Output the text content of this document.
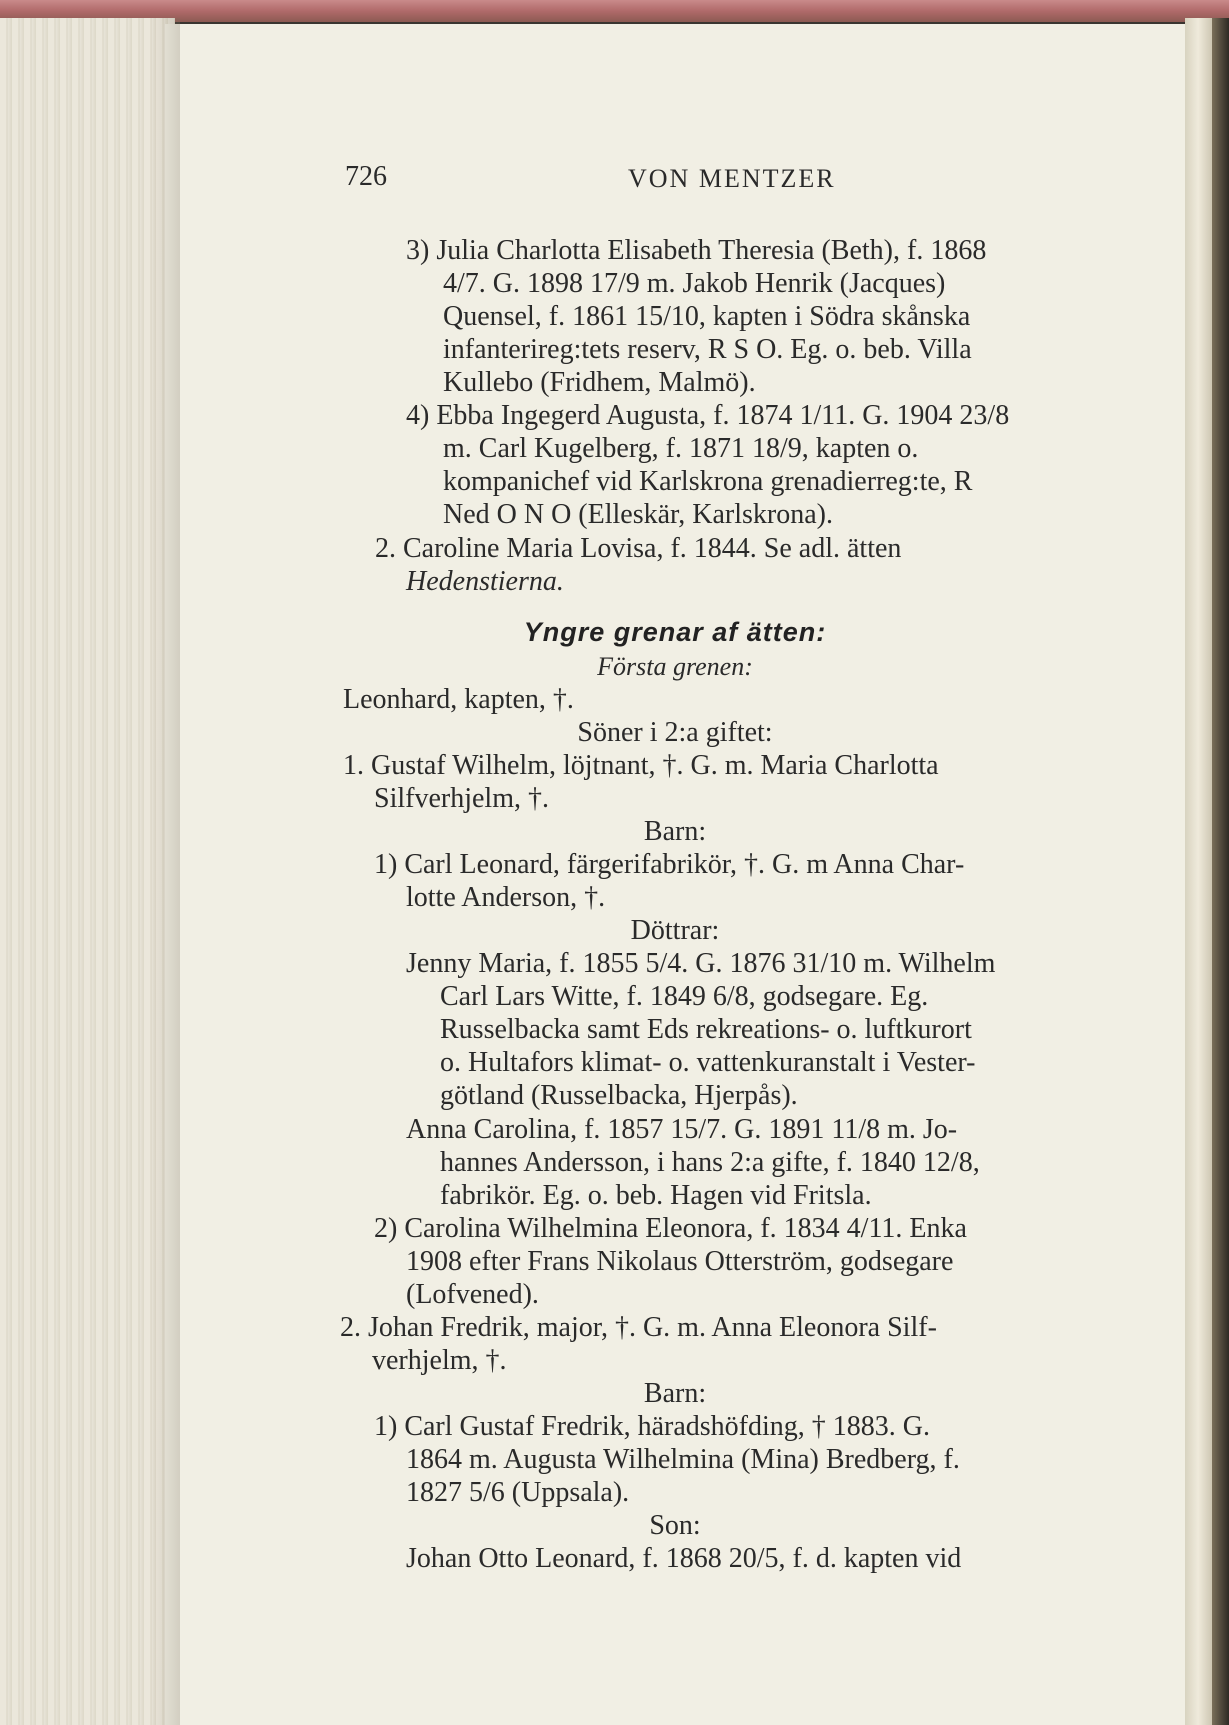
726	VON MENTZER
3) Julia Charlotta Elisabeth Theresia (Beth), f. 1868
4/7. G. 1898 17/9 m. Jakob Henrik (Jacques)
Quensel, f. 1861 15/10, kapten i Södra skånska
infanterireg:tets reserv, R S O. Eg. o. beb. Villa
Kullebo (Fridhem, Malmö).
4) Ebba Ingegerd Augusta, f. 1874 1/11. G. 1904 23/8
m. Carl Kugelberg, f. 1871 18/9, kapten o.
kompanichef vid Karlskrona grenadierreg:te, R
Ned O N O (Elleskär, Karlskrona).
2. Caroline Maria Lovisa, f. 1844. Se adl. ätten
Hedenstierna.
Yngre grenar af ätten:
Första grenen:
Leonhard, kapten, †.
Söner i 2:a giftet:
1. Gustaf Wilhelm, löjtnant, †. G. m. Maria Charlotta
Silfverhjelm, †.
Barn:
1) Carl Leonard, färgerifabrikör, †. G. m Anna Char-
lotte Anderson, †.
Döttrar:
Jenny Maria, f. 1855 5/4. G. 1876 31/10 m. Wilhelm
Carl Lars Witte, f. 1849 6/8, godsegare. Eg.
Russelbacka samt Eds rekreations- o. luftkurort
o. Hultafors klimat- o. vattenkuranstalt i Vester-
götland (Russelbacka, Hjerpås).
Anna Carolina, f. 1857 15/7. G. 1891 11/8 m. Jo-
hannes Andersson, i hans 2:a gifte, f. 1840 12/8,
fabrikör. Eg. o. beb. Hagen vid Fritsla.
2) Carolina Wilhelmina Eleonora, f. 1834 4/11. Enka
1908 efter Frans Nikolaus Otterström, godsegare
(Lofvened).
2. Johan Fredrik, major, †. G. m. Anna Eleonora Silf-
verhjelm, †.
Barn:
1) Carl Gustaf Fredrik, häradshöfding, † 1883. G.
1864 m. Augusta Wilhelmina (Mina) Bredberg, f.
1827 5/6 (Uppsala).
Son:
Johan Otto Leonard, f. 1868 20/5, f. d. kapten vid
